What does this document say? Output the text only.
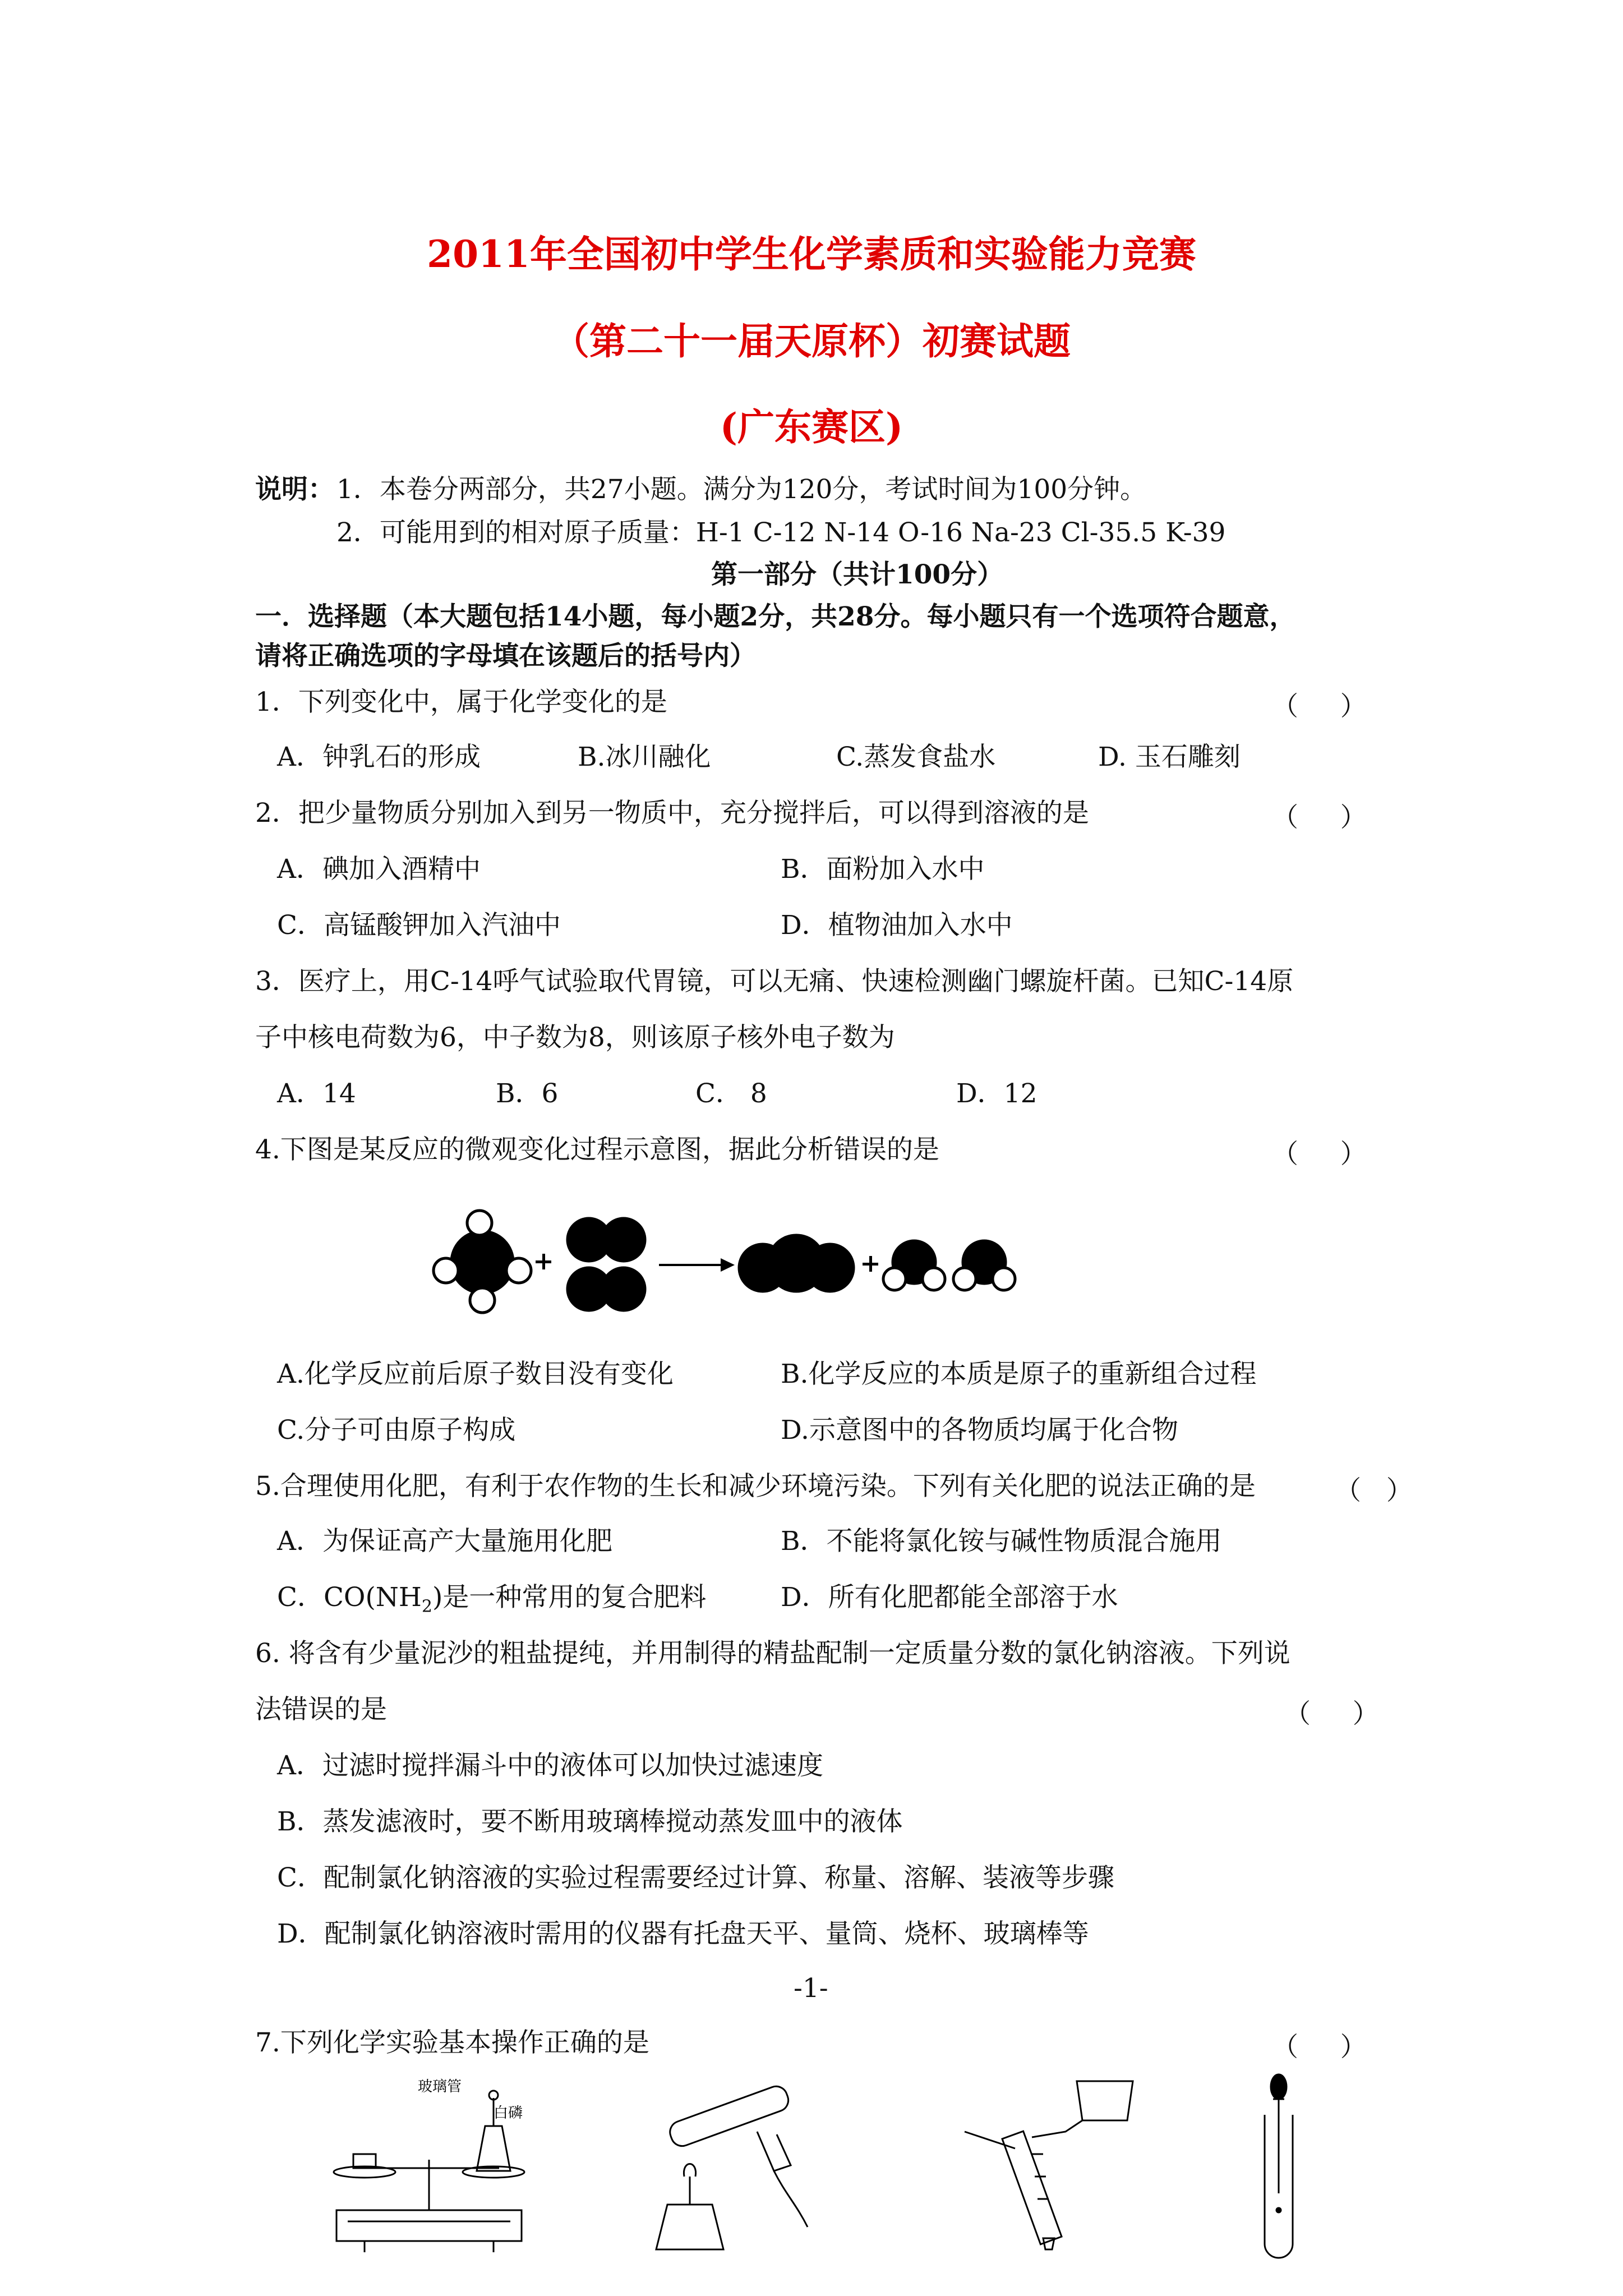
2011年全国初中学生化学素质和实验能力竞赛
（第二十一届天原杯）初赛试题
(广东赛区)
说明： 1．本卷分两部分，共27小题。满分为120分，考试时间为100分钟。
2．可能用到的相对原子质量：H-1 C-12 N-14 O-16 Na-23 Cl-35.5 K-39
第一部分（共计100分）
一．选择题（本大题包括14小题，每小题2分，共28分。每小题只有一个选项符合题意，
请将正确选项的字母填在该题后的括号内）
1．下列变化中，属于化学变化的是	（     ）
A．钟乳石的形成	B.冰川融化	C.蒸发食盐水	D. 玉石雕刻
2．把少量物质分别加入到另一物质中，充分搅拌后，可以得到溶液的是	（     ）
A．碘加入酒精中	B．面粉加入水中
C．高锰酸钾加入汽油中	D．植物油加入水中
3．医疗上，用C-14呼气试验取代胃镜，可以无痛、快速检测幽门螺旋杆菌。已知C-14原
子中核电荷数为6，中子数为8，则该原子核外电子数为
A．14	B．6	C． 8	D．12
4.下图是某反应的微观变化过程示意图，据此分析错误的是	（     ）
A.化学反应前后原子数目没有变化	B.化学反应的本质是原子的重新组合过程
C.分子可由原子构成	D.示意图中的各物质均属于化合物
5.合理使用化肥，有利于农作物的生长和减少环境污染。下列有关化肥的说法正确的是	（   ）
A．为保证高产大量施用化肥	B．不能将氯化铵与碱性物质混合施用
C．$CO(NH_2)$是一种常用的复合肥料	D．所有化肥都能全部溶于水
6. 将含有少量泥沙的粗盐提纯，并用制得的精盐配制一定质量分数的氯化钠溶液。下列说
法错误的是	（     ）
A．过滤时搅拌漏斗中的液体可以加快过滤速度
B．蒸发滤液时，要不断用玻璃棒搅动蒸发皿中的液体
C．配制氯化钠溶液的实验过程需要经过计算、称量、溶解、装液等步骤
D．配制氯化钠溶液时需用的仪器有托盘天平、量筒、烧杯、玻璃棒等
-1-
7.下列化学实验基本操作正确的是	（     ）
玻璃管
白磷
